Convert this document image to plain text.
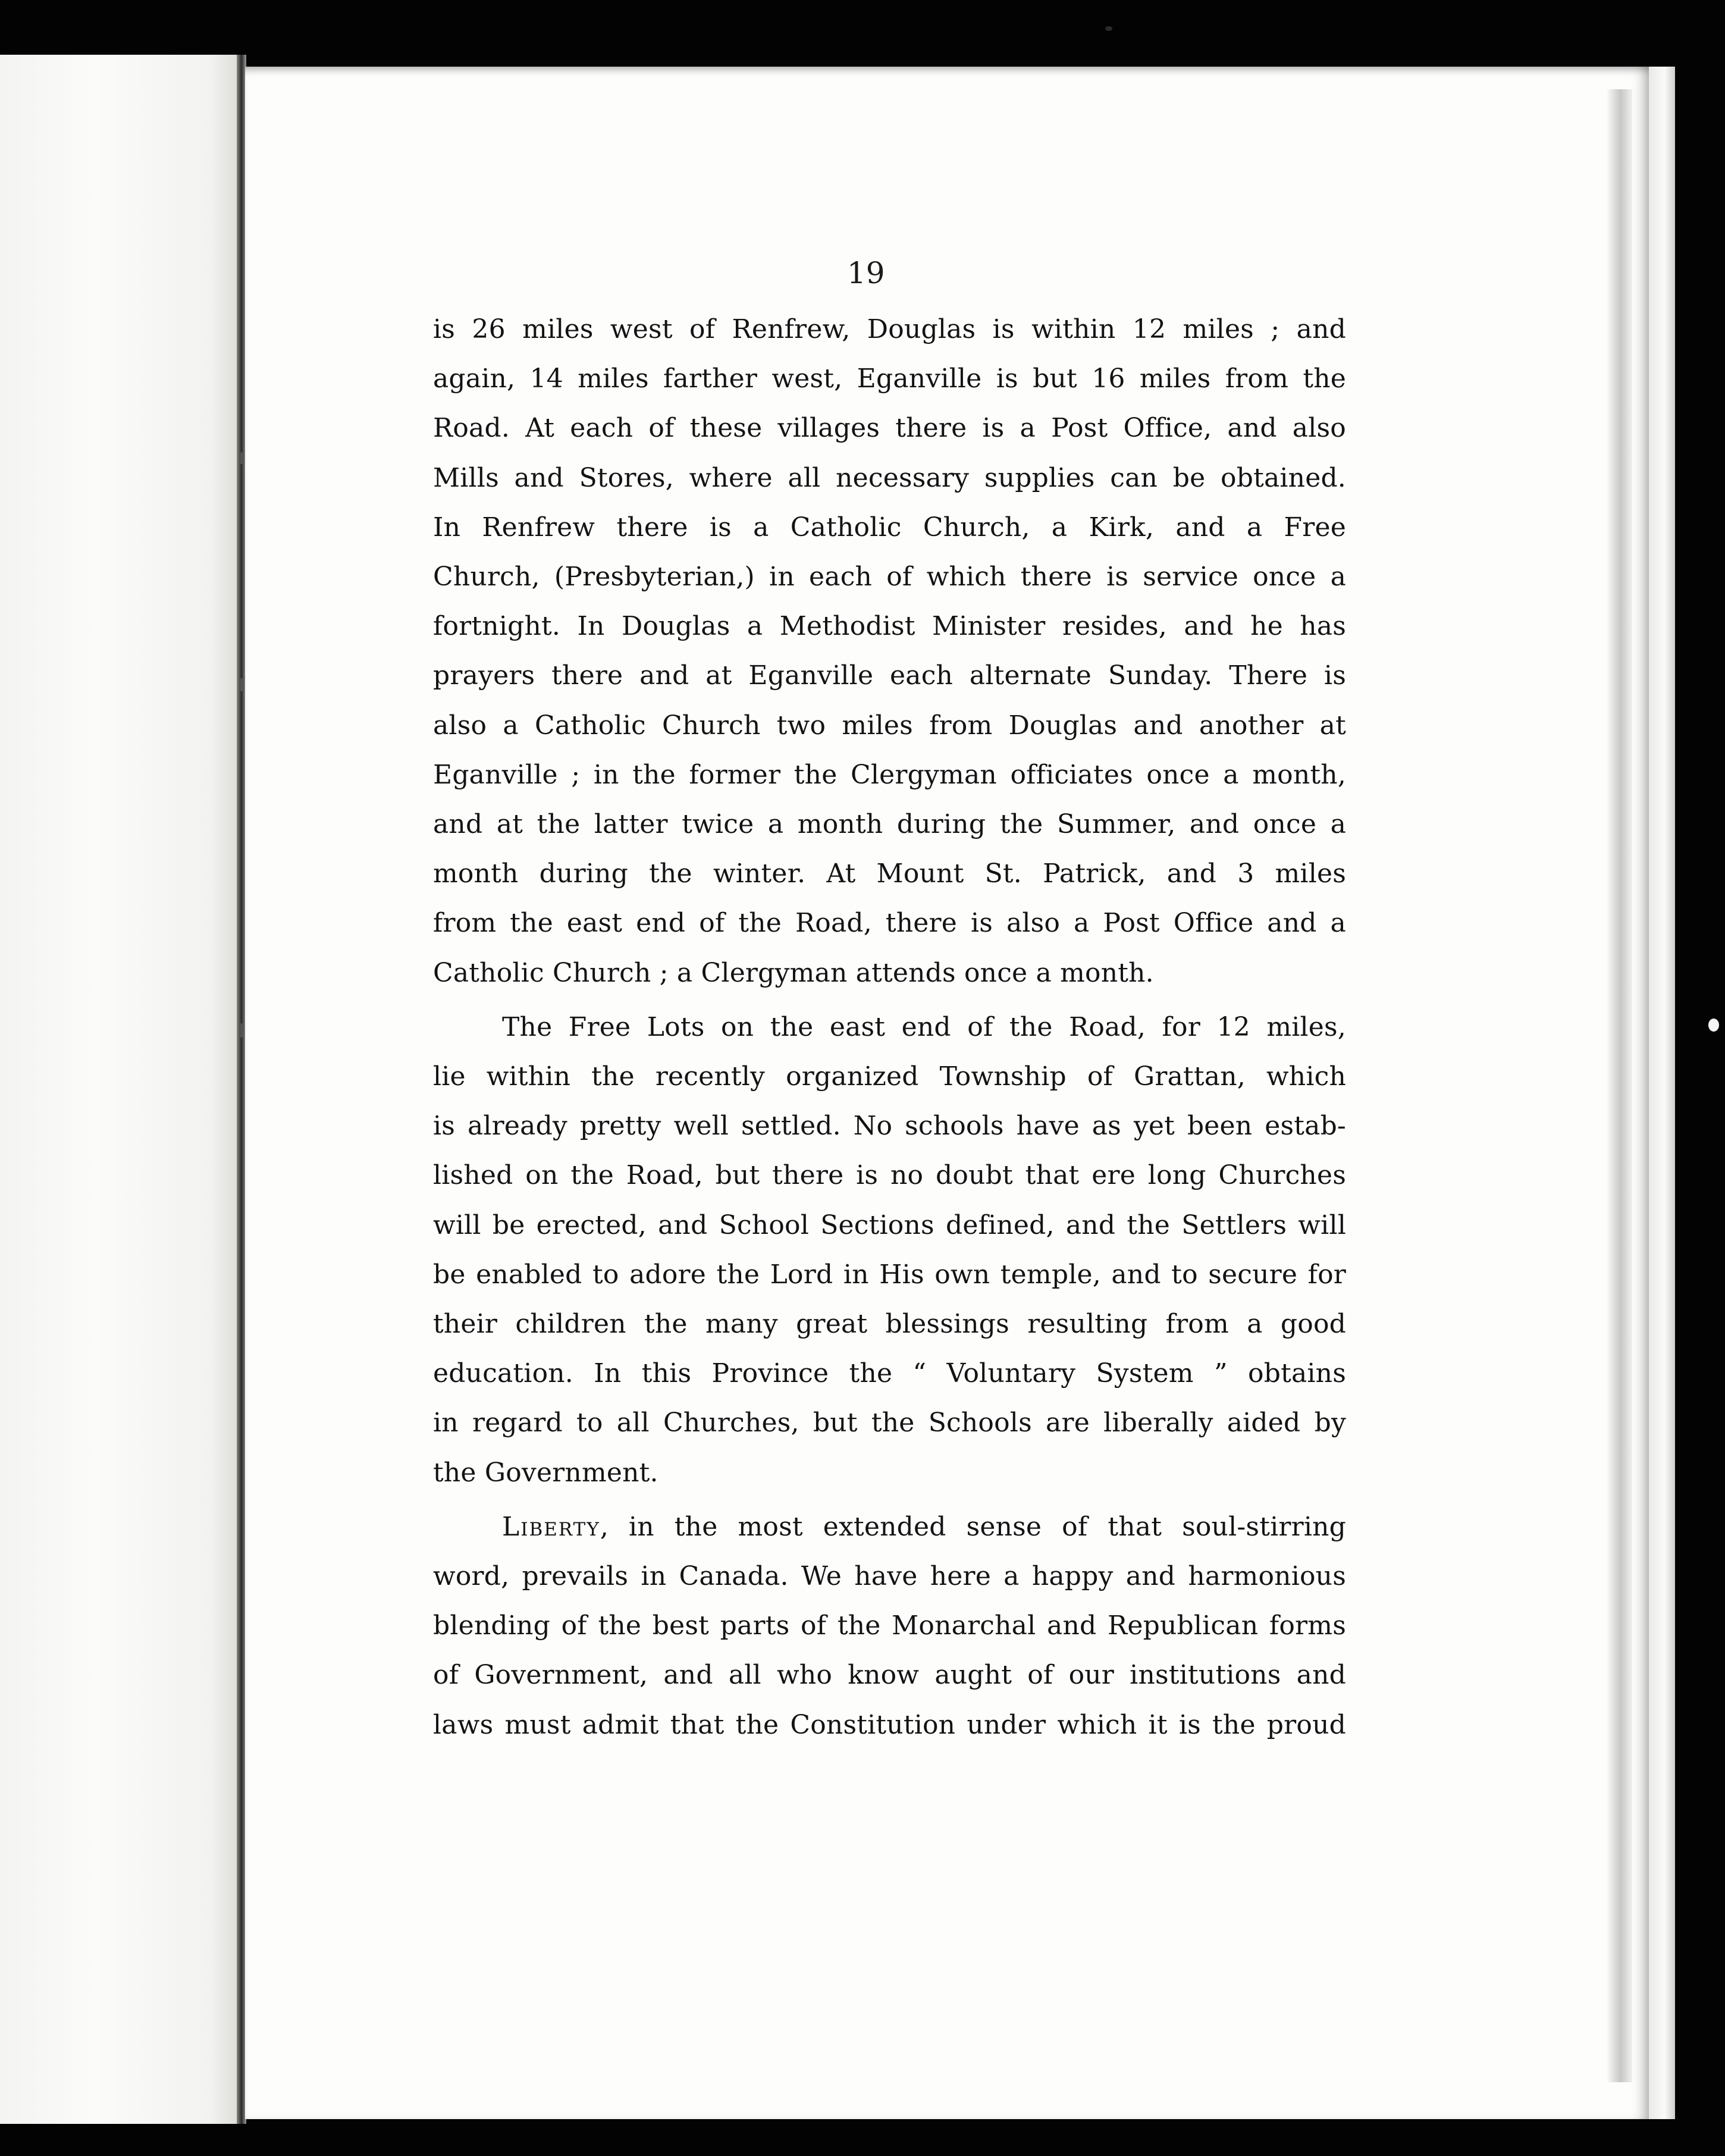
19
is 26 miles west of Renfrew, Douglas is within 12 miles ; and
again, 14 miles farther west, Eganville is but 16 miles from the
Road. At each of these villages there is a Post Office, and also
Mills and Stores, where all necessary supplies can be obtained.
In Renfrew there is a Catholic Church, a Kirk, and a Free
Church, (Presbyterian,) in each of which there is service once a
fortnight. In Douglas a Methodist Minister resides, and he has
prayers there and at Eganville each alternate Sunday. There is
also a Catholic Church two miles from Douglas and another at
Eganville ; in the former the Clergyman officiates once a month,
and at the latter twice a month during the Summer, and once a
month during the winter. At Mount St. Patrick, and 3 miles
from the east end of the Road, there is also a Post Office and a
Catholic Church ; a Clergyman attends once a month.
The Free Lots on the east end of the Road, for 12 miles,
lie within the recently organized Township of Grattan, which
is already pretty well settled. No schools have as yet been estab-
lished on the Road, but there is no doubt that ere long Churches
will be erected, and School Sections defined, and the Settlers will
be enabled to adore the Lord in His own temple, and to secure for
their children the many great blessings resulting from a good
education. In this Province the “ Voluntary System ” obtains
in regard to all Churches, but the Schools are liberally aided by
the Government.
Liberty, in the most extended sense of that soul-stirring
word, prevails in Canada. We have here a happy and harmonious
blending of the best parts of the Monarchal and Republican forms
of Government, and all who know aught of our institutions and
laws must admit that the Constitution under which it is the proud
